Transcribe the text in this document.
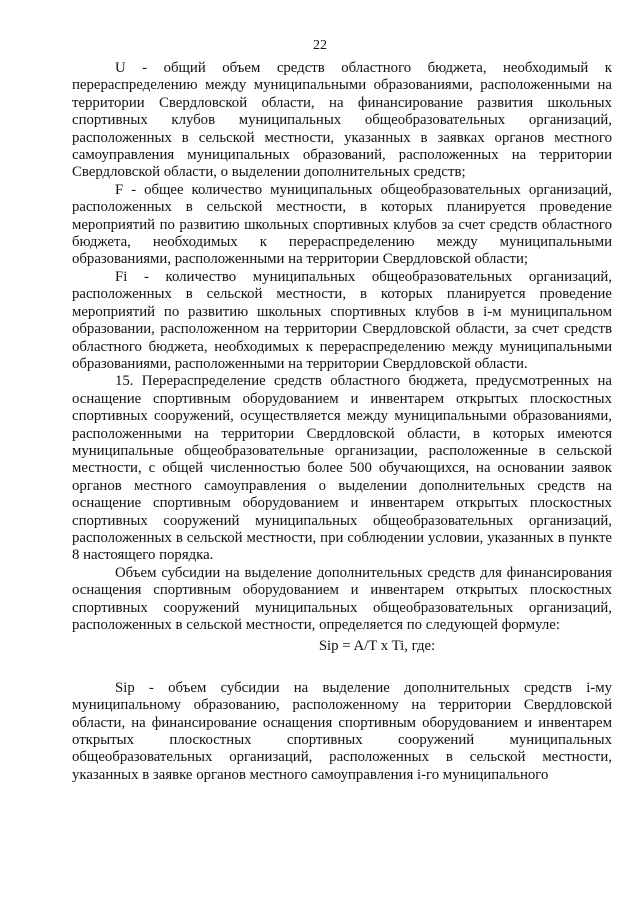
22

U - общий объем средств областного бюджета, необходимый к перераспределению между муниципальными образованиями, расположенными на территории Свердловской области, на финансирование развития школьных спортивных клубов муниципальных общеобразовательных организаций, расположенных в сельской местности, указанных в заявках органов местного самоуправления муниципальных образований, расположенных на территории Свердловской области, о выделении дополнительных средств;

F - общее количество муниципальных общеобразовательных организаций, расположенных в сельской местности, в которых планируется проведение мероприятий по развитию школьных спортивных клубов за счет средств областного бюджета, необходимых к перераспределению между муниципальными образованиями, расположенными на территории Свердловской области;

Fi - количество муниципальных общеобразовательных организаций, расположенных в сельской местности, в которых планируется проведение мероприятий по развитию школьных спортивных клубов в i-м муниципальном образовании, расположенном на территории Свердловской области, за счет средств областного бюджета, необходимых к перераспределению между муниципальными образованиями, расположенными на территории Свердловской области.

15. Перераспределение средств областного бюджета, предусмотренных на оснащение спортивным оборудованием и инвентарем открытых плоскостных спортивных сооружений, осуществляется между муниципальными образованиями, расположенными на территории Свердловской области, в которых имеются муниципальные общеобразовательные организации, расположенные в сельской местности, с общей численностью более 500 обучающихся, на основании заявок органов местного самоуправления о выделении дополнительных средств на оснащение спортивным оборудованием и инвентарем открытых плоскостных спортивных сооружений муниципальных общеобразовательных организаций, расположенных в сельской местности, при соблюдении условии, указанных в пункте 8 настоящего порядка.

Объем субсидии на выделение дополнительных средств для финансирования оснащения спортивным оборудованием и инвентарем открытых плоскостных спортивных сооружений муниципальных общеобразовательных организаций, расположенных в сельской местности, определяется по следующей формуле:

Sip = A/T x Ti, где:

Sip - объем субсидии на выделение дополнительных средств i-му муниципальному образованию, расположенному на территории Свердловской области, на финансирование оснащения спортивным оборудованием и инвентарем открытых плоскостных спортивных сооружений муниципальных общеобразовательных организаций, расположенных в сельской местности, указанных в заявке органов местного самоуправления i-го муниципального
